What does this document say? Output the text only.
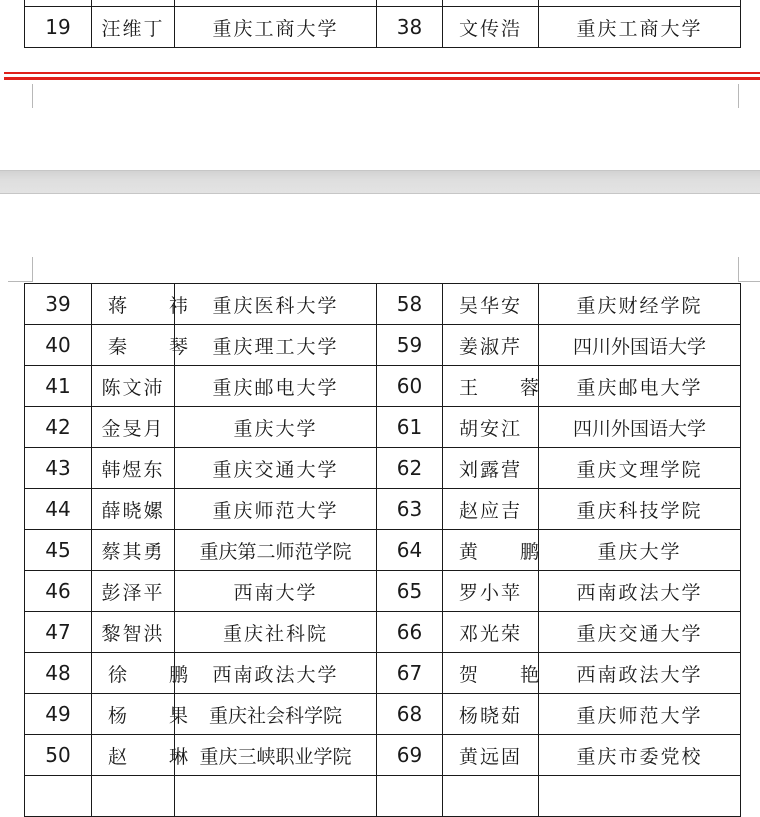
19	汪维丁	重庆工商大学	38	文传浩	重庆工商大学
39	蒋 祎	重庆医科大学	58	吴华安	重庆财经学院
40	秦 琴	重庆理工大学	59	姜淑芹	四川外国语大学
41	陈文沛	重庆邮电大学	60	王 蓉	重庆邮电大学
42	金旻月	重庆大学	61	胡安江	四川外国语大学
43	韩煜东	重庆交通大学	62	刘露营	重庆文理学院
44	薛晓嫘	重庆师范大学	63	赵应吉	重庆科技学院
45	蔡其勇	重庆第二师范学院	64	黄 鹏	重庆大学
46	彭泽平	西南大学	65	罗小苹	西南政法大学
47	黎智洪	重庆社科院	66	邓光荣	重庆交通大学
48	徐 鹏	西南政法大学	67	贺 艳	西南政法大学
49	杨 果	重庆社会科学院	68	杨晓茹	重庆师范大学
50	赵 琳	重庆三峡职业学院	69	黄远固	重庆市委党校
